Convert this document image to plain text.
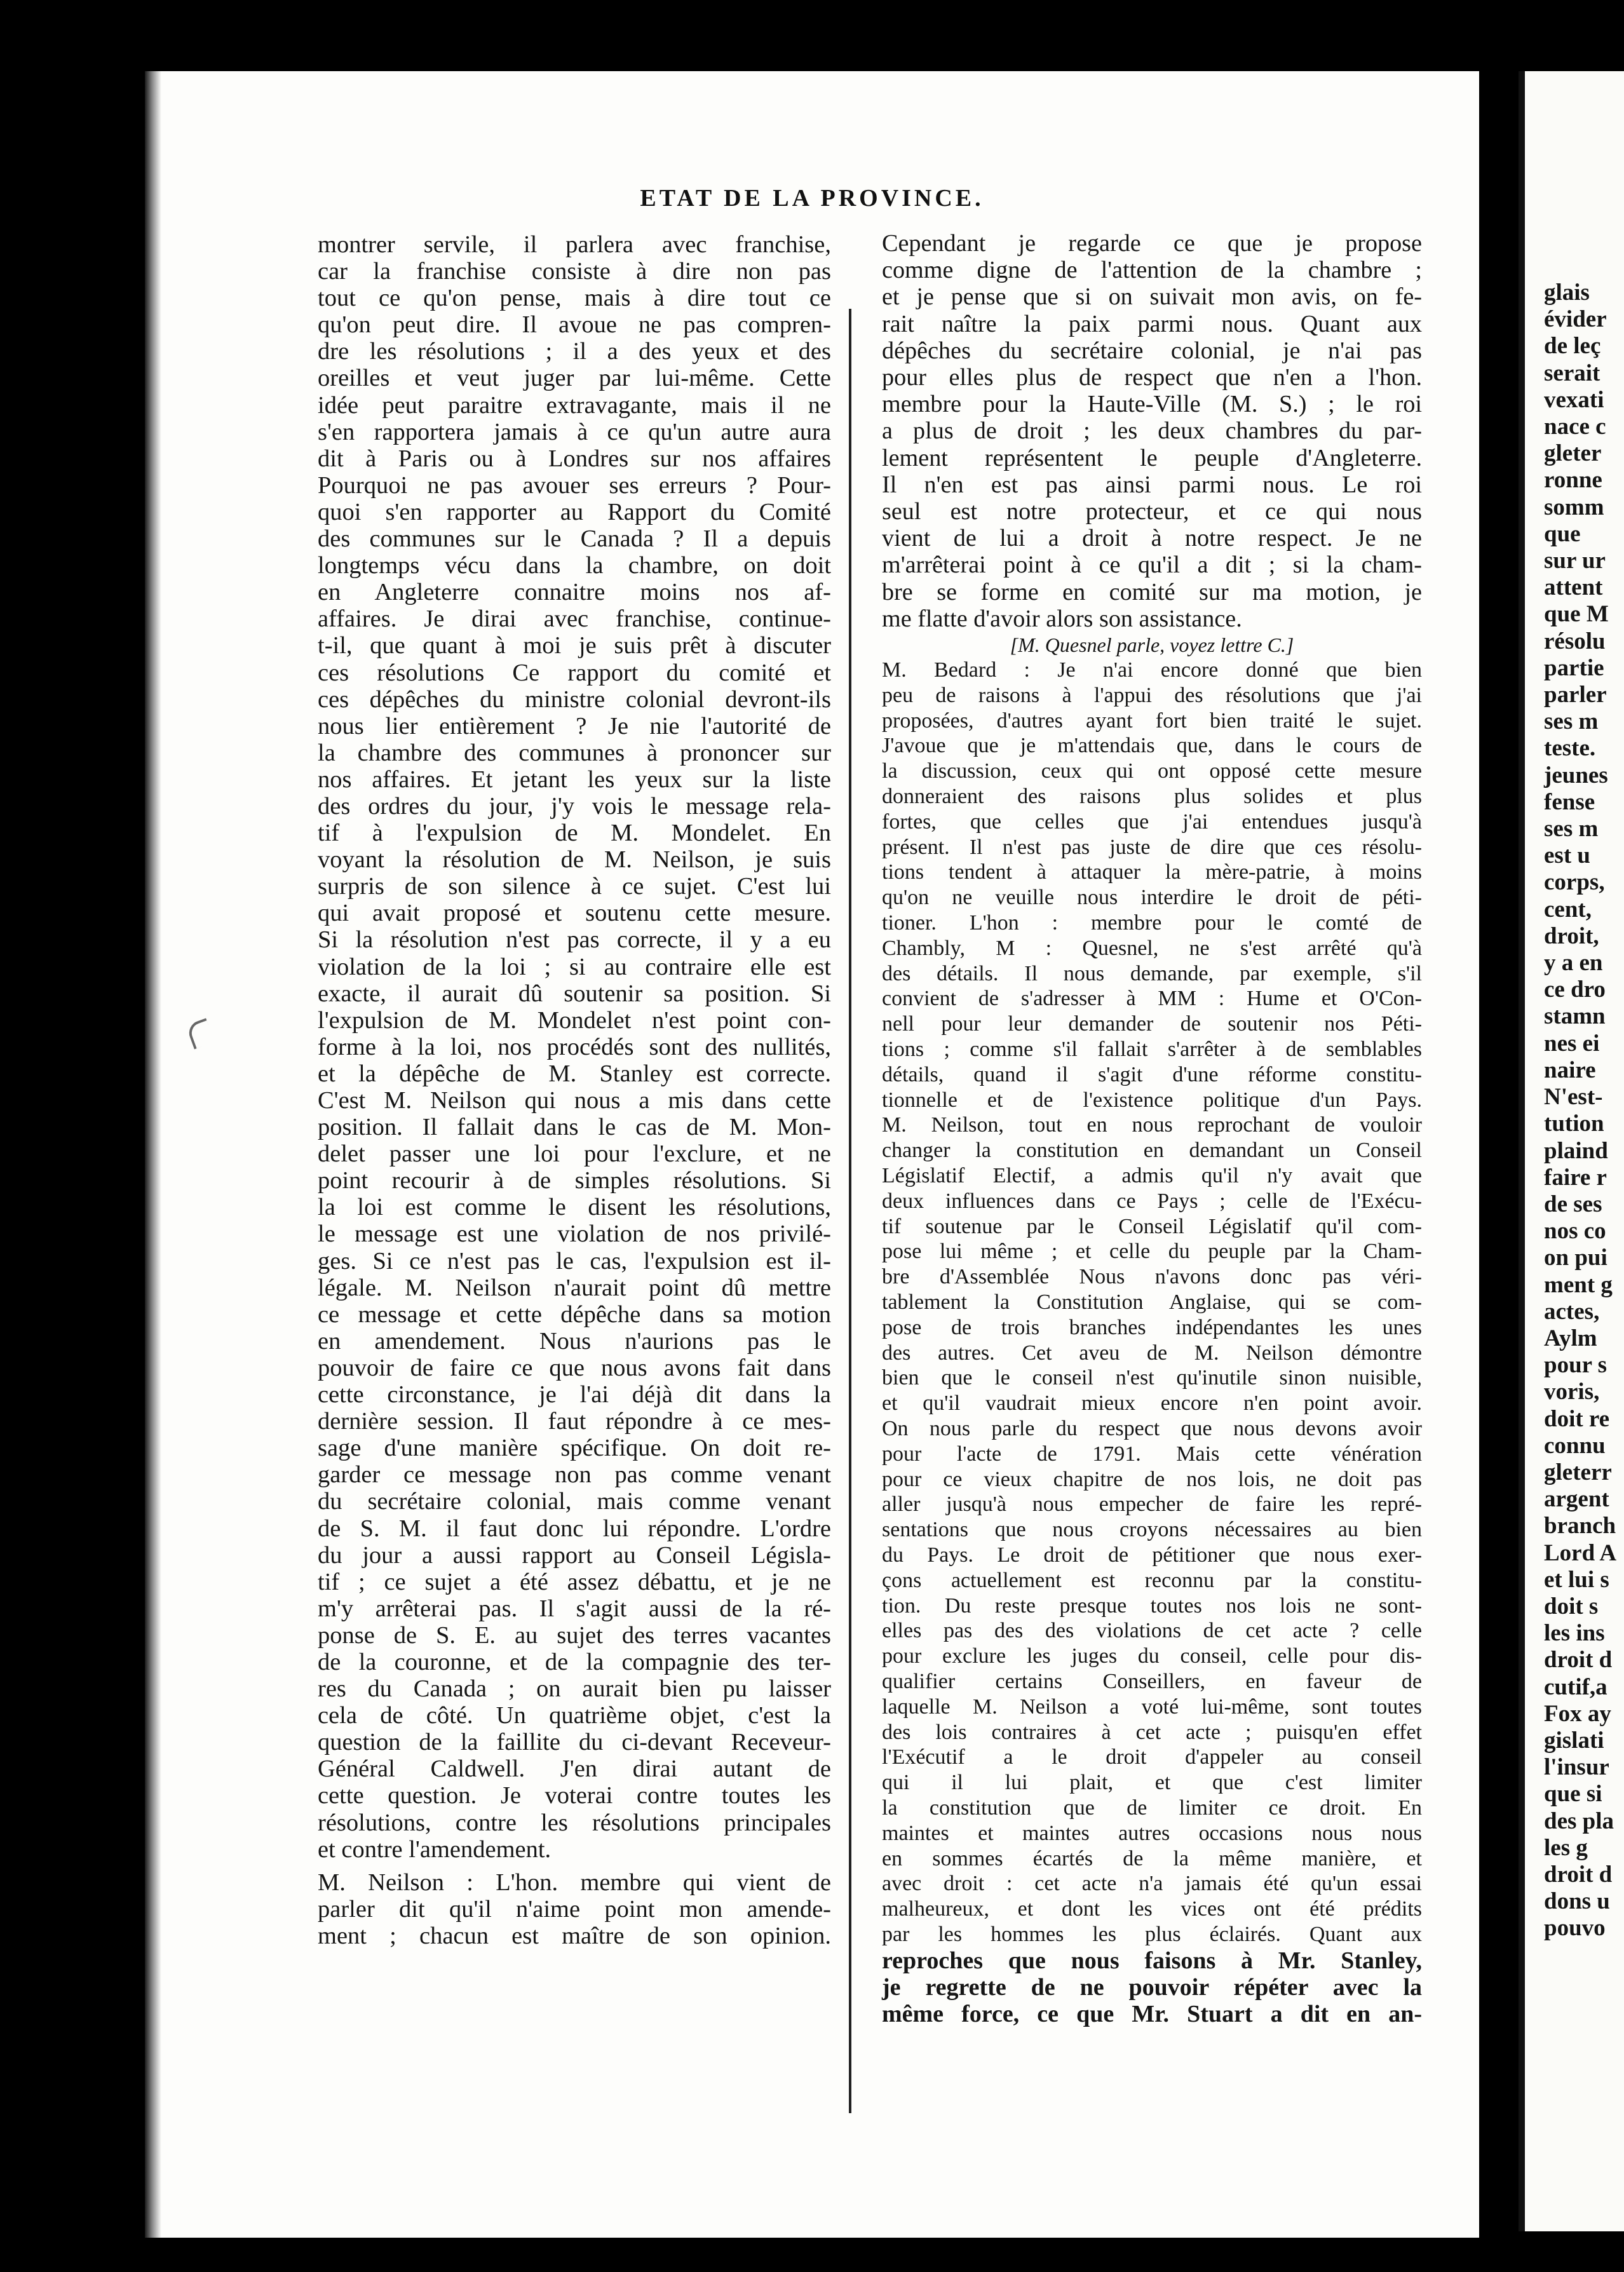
ETAT DE LA PROVINCE.
montrer servile, il parlera avec franchise,
car la franchise consiste à dire non pas
tout ce qu'on pense, mais à dire tout ce
qu'on peut dire. Il avoue ne pas compren-
dre les résolutions ; il a des yeux et des
oreilles et veut juger par lui-même. Cette
idée peut paraitre extravagante, mais il ne
s'en rapportera jamais à ce qu'un autre aura
dit à Paris ou à Londres sur nos affaires
Pourquoi ne pas avouer ses erreurs ? Pour-
quoi s'en rapporter au Rapport du Comité
des communes sur le Canada ? Il a depuis
longtemps vécu dans la chambre, on doit
en Angleterre connaitre moins nos af-
affaires. Je dirai avec franchise, continue-
t-il, que quant à moi je suis prêt à discuter
ces résolutions Ce rapport du comité et
ces dépêches du ministre colonial devront-ils
nous lier entièrement ? Je nie l'autorité de
la chambre des communes à prononcer sur
nos affaires. Et jetant les yeux sur la liste
des ordres du jour, j'y vois le message rela-
tif à l'expulsion de M. Mondelet. En
voyant la résolution de M. Neilson, je suis
surpris de son silence à ce sujet. C'est lui
qui avait proposé et soutenu cette mesure.
Si la résolution n'est pas correcte, il y a eu
violation de la loi ; si au contraire elle est
exacte, il aurait dû soutenir sa position. Si
l'expulsion de M. Mondelet n'est point con-
forme à la loi, nos procédés sont des nullités,
et la dépêche de M. Stanley est correcte.
C'est M. Neilson qui nous a mis dans cette
position. Il fallait dans le cas de M. Mon-
delet passer une loi pour l'exclure, et ne
point recourir à de simples résolutions. Si
la loi est comme le disent les résolutions,
le message est une violation de nos privilé-
ges. Si ce n'est pas le cas, l'expulsion est il-
légale. M. Neilson n'aurait point dû mettre
ce message et cette dépêche dans sa motion
en amendement. Nous n'aurions pas le
pouvoir de faire ce que nous avons fait dans
cette circonstance, je l'ai déjà dit dans la
dernière session. Il faut répondre à ce mes-
sage d'une manière spécifique. On doit re-
garder ce message non pas comme venant
du secrétaire colonial, mais comme venant
de S. M. il faut donc lui répondre. L'ordre
du jour a aussi rapport au Conseil Législa-
tif ; ce sujet a été assez débattu, et je ne
m'y arrêterai pas. Il s'agit aussi de la ré-
ponse de S. E. au sujet des terres vacantes
de la couronne, et de la compagnie des ter-
res du Canada ; on aurait bien pu laisser
cela de côté. Un quatrième objet, c'est la
question de la faillite du ci-devant Receveur-
Général Caldwell. J'en dirai autant de
cette question. Je voterai contre toutes les
résolutions, contre les résolutions principales
et contre l'amendement.
M. Neilson : L'hon. membre qui vient de
parler dit qu'il n'aime point mon amende-
ment ; chacun est maître de son opinion.
Cependant je regarde ce que je propose
comme digne de l'attention de la chambre ;
et je pense que si on suivait mon avis, on fe-
rait naître la paix parmi nous. Quant aux
dépêches du secrétaire colonial, je n'ai pas
pour elles plus de respect que n'en a l'hon.
membre pour la Haute-Ville (M. S.) ; le roi
a plus de droit ; les deux chambres du par-
lement représentent le peuple d'Angleterre.
Il n'en est pas ainsi parmi nous. Le roi
seul est notre protecteur, et ce qui nous
vient de lui a droit à notre respect. Je ne
m'arrêterai point à ce qu'il a dit ; si la cham-
bre se forme en comité sur ma motion, je
me flatte d'avoir alors son assistance.
[M. Quesnel parle, voyez lettre C.]
M. Bedard : Je n'ai encore donné que bien
peu de raisons à l'appui des résolutions que j'ai
proposées, d'autres ayant fort bien traité le sujet.
J'avoue que je m'attendais que, dans le cours de
la discussion, ceux qui ont opposé cette mesure
donneraient des raisons plus solides et plus
fortes, que celles que j'ai entendues jusqu'à
présent. Il n'est pas juste de dire que ces résolu-
tions tendent à attaquer la mère-patrie, à moins
qu'on ne veuille nous interdire le droit de péti-
tioner. L'hon : membre pour le comté de
Chambly, M : Quesnel, ne s'est arrêté qu'à
des détails. Il nous demande, par exemple, s'il
convient de s'adresser à MM : Hume et O'Con-
nell pour leur demander de soutenir nos Péti-
tions ; comme s'il fallait s'arrêter à de semblables
détails, quand il s'agit d'une réforme constitu-
tionnelle et de l'existence politique d'un Pays.
M. Neilson, tout en nous reprochant de vouloir
changer la constitution en demandant un Conseil
Législatif Electif, a admis qu'il n'y avait que
deux influences dans ce Pays ; celle de l'Exécu-
tif soutenue par le Conseil Législatif qu'il com-
pose lui même ; et celle du peuple par la Cham-
bre d'Assemblée Nous n'avons donc pas véri-
tablement la Constitution Anglaise, qui se com-
pose de trois branches indépendantes les unes
des autres. Cet aveu de M. Neilson démontre
bien que le conseil n'est qu'inutile sinon nuisible,
et qu'il vaudrait mieux encore n'en point avoir.
On nous parle du respect que nous devons avoir
pour l'acte de 1791. Mais cette vénération
pour ce vieux chapitre de nos lois, ne doit pas
aller jusqu'à nous empecher de faire les repré-
sentations que nous croyons nécessaires au bien
du Pays. Le droit de pétitioner que nous exer-
çons actuellement est reconnu par la constitu-
tion. Du reste presque toutes nos lois ne sont-
elles pas des des violations de cet acte ? celle
pour exclure les juges du conseil, celle pour dis-
qualifier certains Conseillers, en faveur de
laquelle M. Neilson a voté lui-même, sont toutes
des lois contraires à cet acte ; puisqu'en effet
l'Exécutif a le droit d'appeler au conseil
qui il lui plait, et que c'est limiter
la constitution que de limiter ce droit. En
maintes et maintes autres occasions nous nous
en sommes écartés de la même manière, et
avec droit : cet acte n'a jamais été qu'un essai
malheureux, et dont les vices ont été prédits
par les hommes les plus éclairés. Quant aux
reproches que nous faisons à Mr. Stanley,
je regrette de ne pouvoir répéter avec la
même force, ce que Mr. Stuart a dit en an-
glais
évider
de leç
serait
vexati
nace c
gleter
ronne
somm
que
sur ur
attent
que M
résolu
partie
parler
ses m
teste.
jeunes
fense
ses m
est u
corps,
cent,
droit,
y a en
ce dro
stamn
nes ei
naire
N'est-
tution
plaind
faire r
de ses
nos co
on pui
ment g
actes,
Aylm
pour s
voris,
doit re
connu
gleterr
argent
branch
Lord A
et lui s
doit s
les ins
droit d
cutif,a
Fox ay
gislati
l'insur
que si
des pla
les g
droit d
dons u
pouvo
